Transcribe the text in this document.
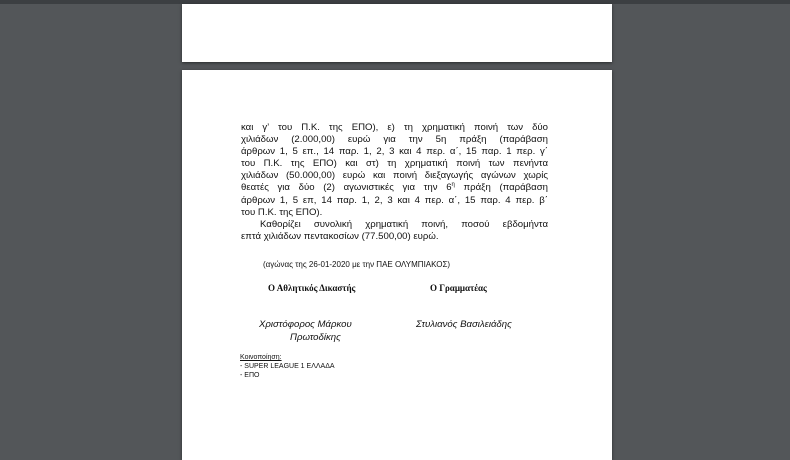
και γ’ του Π.Κ. της ΕΠΟ), ε) τη χρηματική ποινή των δύο
χιλιάδων (2.000,00) ευρώ για την 5η πράξη (παράβαση
άρθρων 1, 5 επ., 14 παρ. 1, 2, 3 και 4 περ. α΄, 15 παρ. 1 περ. γ΄
του Π.Κ. της ΕΠΟ) και στ) τη χρηματική ποινή των πενήντα
χιλιάδων (50.000,00) ευρώ και ποινή διεξαγωγής αγώνων χωρίς
θεατές για δύο (2) αγωνιστικές για την $6^\eta$ πράξη (παράβαση
άρθρων 1, 5 επ, 14 παρ. 1, 2, 3 και 4 περ. α΄, 15 παρ. 4 περ. β΄
του Π.Κ. της ΕΠΟ).
Καθορίζει συνολική χρηματική ποινή, ποσού εβδομήντα
επτά χιλιάδων πεντακοσίων (77.500,00) ευρώ.
(αγώνας της 26-01-2020 με την ΠΑΕ ΟΛΥΜΠΙΑΚΟΣ)
Ο Αθλητικός Δικαστής	Ο Γραμματέας
Χριστόφορος Μάρκου
Πρωτοδίκης
Στυλιανός Βασιλειάδης
Κοινοποίηση:
- SUPER LEAGUE 1 ΕΛΛΑΔΑ
- ΕΠΟ
